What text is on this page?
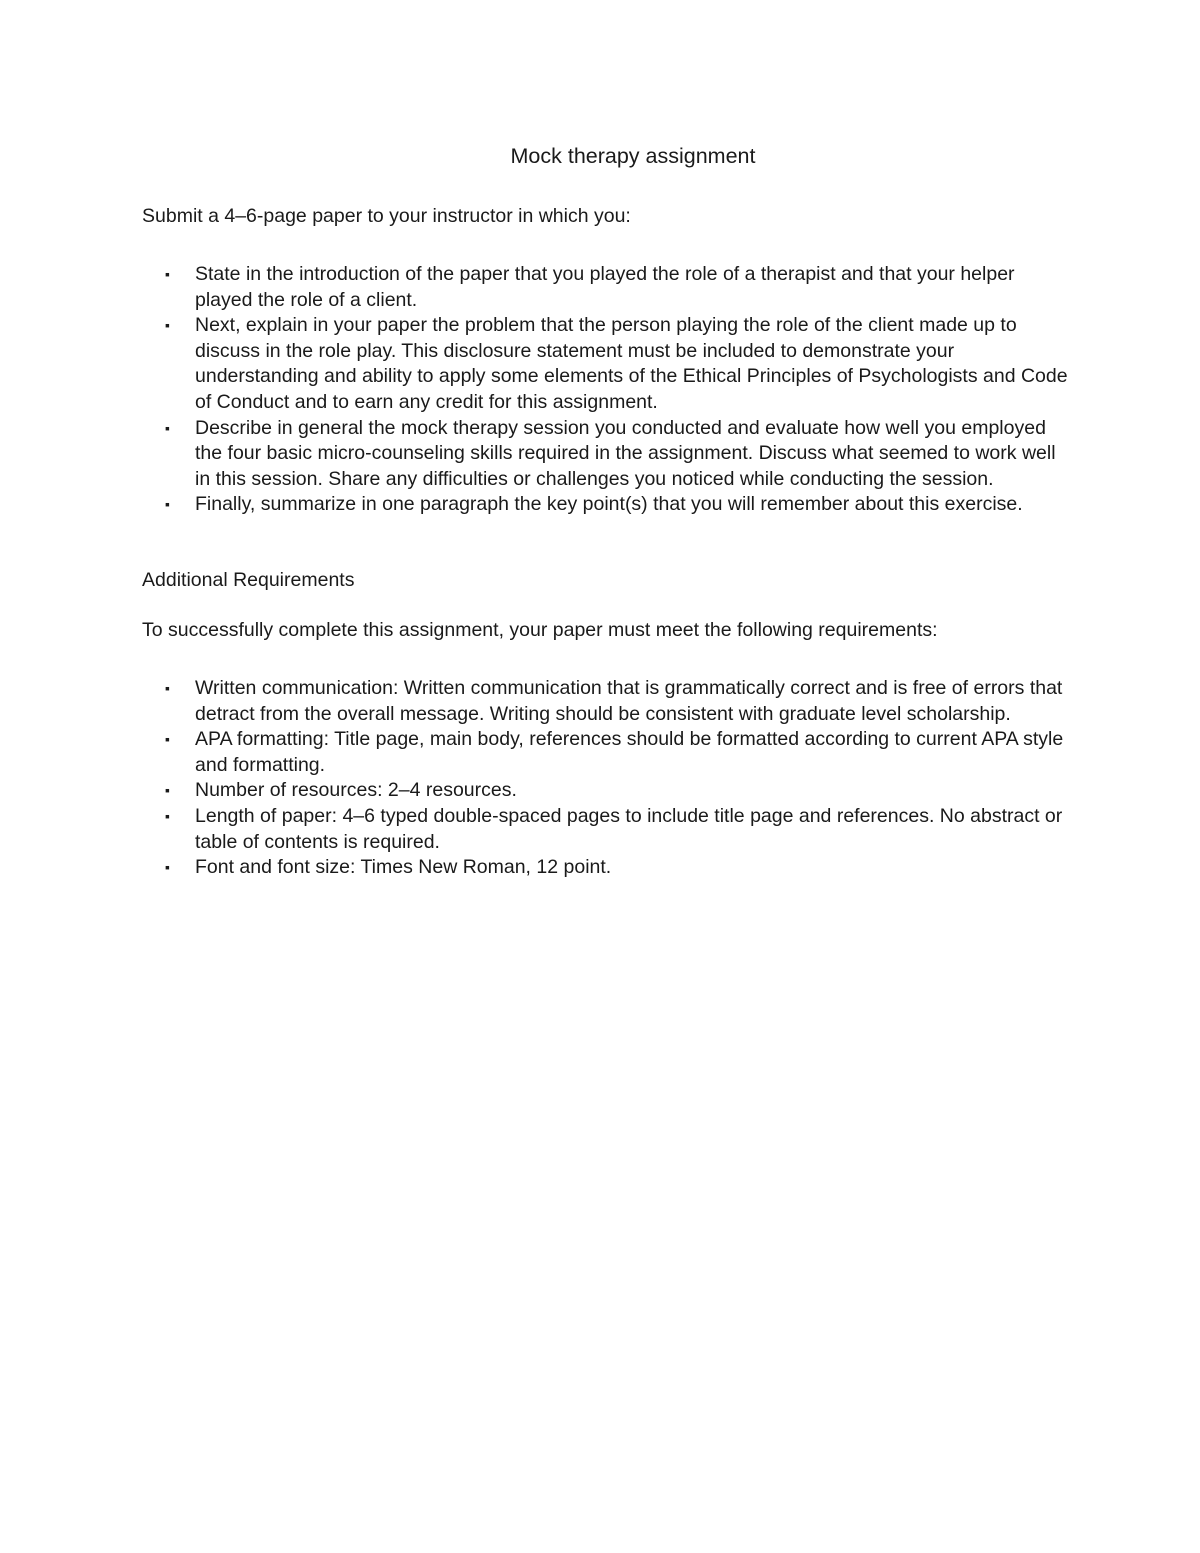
Mock therapy assignment

Submit a 4–6-page paper to your instructor in which you:

▪ State in the introduction of the paper that you played the role of a therapist and that your helper played the role of a client.
▪ Next, explain in your paper the problem that the person playing the role of the client made up to discuss in the role play. This disclosure statement must be included to demonstrate your understanding and ability to apply some elements of the Ethical Principles of Psychologists and Code of Conduct and to earn any credit for this assignment.
▪ Describe in general the mock therapy session you conducted and evaluate how well you employed the four basic micro-counseling skills required in the assignment. Discuss what seemed to work well in this session. Share any difficulties or challenges you noticed while conducting the session.
▪ Finally, summarize in one paragraph the key point(s) that you will remember about this exercise.

Additional Requirements

To successfully complete this assignment, your paper must meet the following requirements:

▪ Written communication: Written communication that is grammatically correct and is free of errors that detract from the overall message. Writing should be consistent with graduate level scholarship.
▪ APA formatting: Title page, main body, references should be formatted according to current APA style and formatting.
▪ Number of resources: 2–4 resources.
▪ Length of paper: 4–6 typed double-spaced pages to include title page and references. No abstract or table of contents is required.
▪ Font and font size: Times New Roman, 12 point.
